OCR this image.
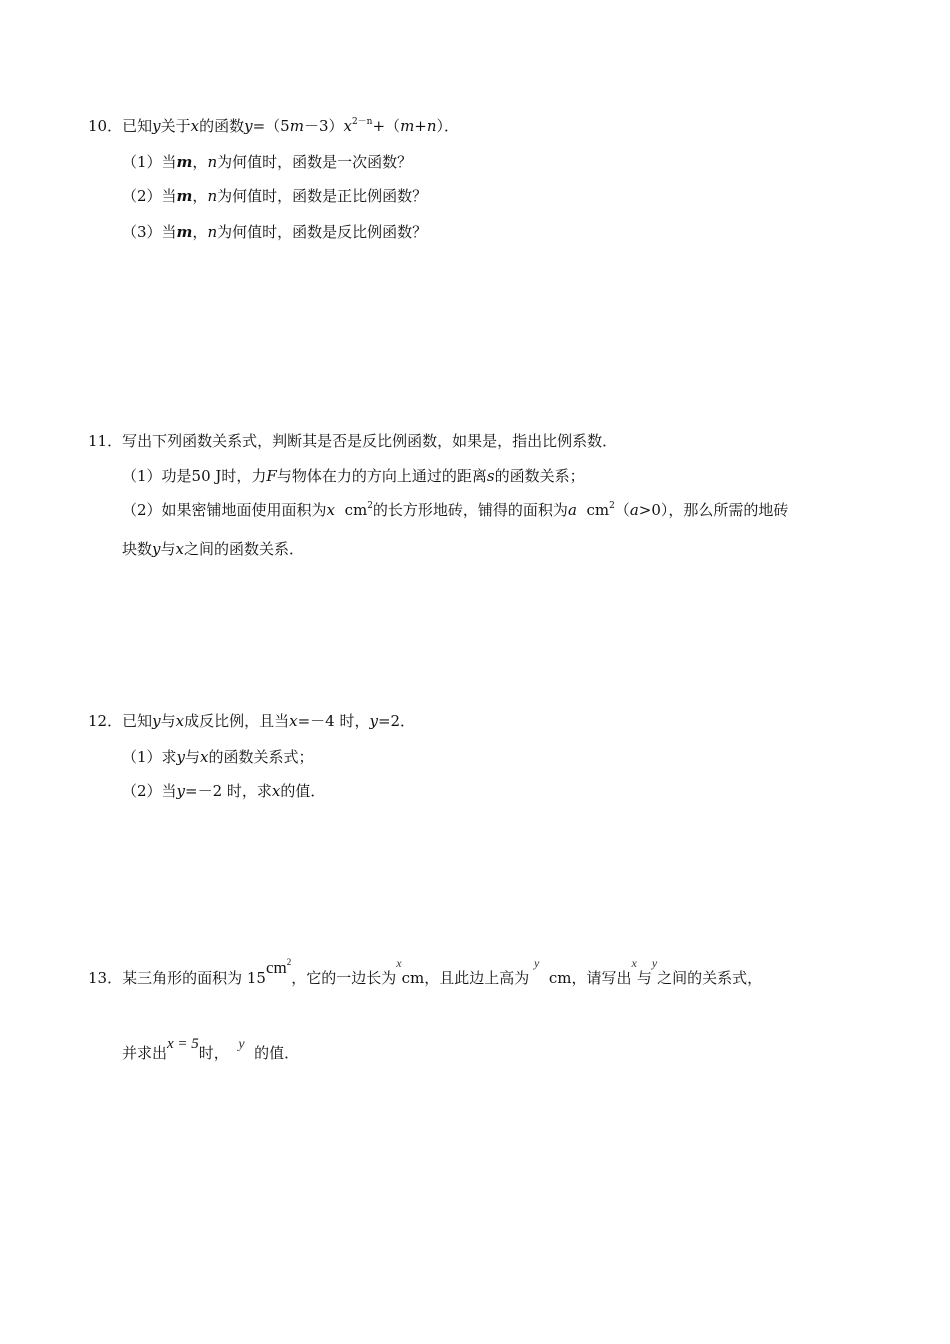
10．已知y关于x的函数$y=(5m-3)x^{2-n}+(m+n)$．
（1）当m，n为何值时，函数是一次函数？
（2）当m，n为何值时，函数是正比例函数？
（3）当m，n为何值时，函数是反比例函数？
11．写出下列函数关系式，判断其是否是反比例函数，如果是，指出比例系数．
（1）功是50 J时，力F与物体在力的方向上通过的距离s的函数关系；
（2）如果密铺地面使用面积为x $cm^2$的长方形地砖，铺得的面积为a $cm^2(a>0)$，那么所需的地砖
块数y与x之间的函数关系．
12．已知y与x成反比例，且当x=－4 时，y=2．
（1）求y与x的函数关系式；
（2）当y=－2 时，求x的值．
13．某三角形的面积为 $15cm^2$，它的一边长为$^x$cm，且此边上高为 $^y$  cm，请写出$^x$与$^y$之间的关系式，
并求出x = 5时， y 的值．
